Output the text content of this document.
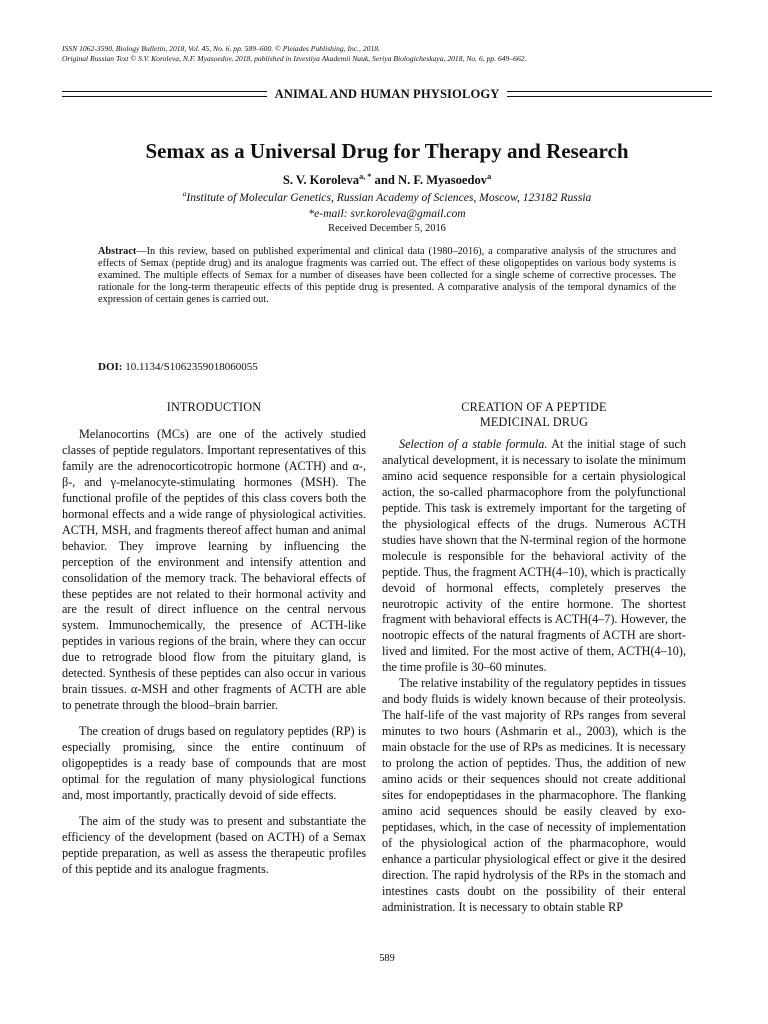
ISSN 1062-3590, Biology Bulletin, 2018, Vol. 45, No. 6, pp. 589–600. © Pleiades Publishing, Inc., 2018.
Original Russian Text © S.V. Koroleva, N.F. Myasoedov, 2018, published in Izvestiya Akademii Nauk, Seriya Biologicheskaya, 2018, No. 6, pp. 649–662.
ANIMAL AND HUMAN PHYSIOLOGY
Semax as a Universal Drug for Therapy and Research
S. V. Koroleva$^{a, *}$ and N. F. Myasoedov$^a$
$^a$Institute of Molecular Genetics, Russian Academy of Sciences, Moscow, 123182 Russia
*e-mail: svr.koroleva@gmail.com
Received December 5, 2016

Abstract—In this review, based on published experimental and clinical data (1980–2016), a comparative analysis of the structures and effects of Semax (peptide drug) and its analogue fragments was carried out. The effect of these oligopeptides on various body systems is examined. The multiple effects of Semax for a number of diseases have been collected for a single scheme of corrective processes. The rationale for the long-term therapeutic effects of this peptide drug is presented. A comparative analysis of the temporal dynamics of the expression of certain genes is carried out.

DOI: 10.1134/S1062359018060055
INTRODUCTION

Melanocortins (MCs) are one of the actively studied classes of peptide regulators. Important representatives of this family are the adrenocorticotropic hormone (ACTH) and α-, β-, and γ-melanocyte-stimulating hormones (MSH). The functional profile of the peptides of this class covers both the hormonal effects and a wide range of physiological activities. ACTH, MSH, and fragments thereof affect human and animal behavior. They improve learning by influencing the perception of the environment and intensify attention and consolidation of the memory track. The behavioral effects of these peptides are not related to their hormonal activity and are the result of direct influence on the central nervous system. Immunochemically, the presence of ACTH-like peptides in various regions of the brain, where they can occur due to retrograde blood flow from the pituitary gland, is detected. Synthesis of these peptides can also occur in various brain tissues. α-MSH and other fragments of ACTH are able to penetrate through the blood–brain barrier.

The creation of drugs based on regulatory peptides (RP) is especially promising, since the entire continuum of oligopeptides is a ready base of compounds that are most optimal for the regulation of many physiological functions and, most importantly, practically devoid of side effects.

The aim of the study was to present and substantiate the efficiency of the development (based on ACTH) of a Semax peptide preparation, as well as assess the therapeutic profiles of this peptide and its analogue fragments.

CREATION OF A PEPTIDE
MEDICINAL DRUG

Selection of a stable formula. At the initial stage of such analytical development, it is necessary to isolate the minimum amino acid sequence responsible for a certain physiological action, the so-called pharmacophore from the polyfunctional peptide. This task is extremely important for the targeting of the physiological effects of the drugs. Numerous ACTH studies have shown that the N-terminal region of the hormone molecule is responsible for the behavioral activity of the peptide. Thus, the fragment ACTH(4–10), which is practically devoid of hormonal effects, completely preserves the neurotropic activity of the entire hormone. The shortest fragment with behavioral effects is ACTH(4–7). However, the nootropic effects of the natural fragments of ACTH are short-lived and limited. For the most active of them, ACTH(4–10), the time profile is 30–60 minutes.

The relative instability of the regulatory peptides in tissues and body fluids is widely known because of their proteolysis. The half-life of the vast majority of RPs ranges from several minutes to two hours (Ashmarin et al., 2003), which is the main obstacle for the use of RPs as medicines. It is necessary to prolong the action of peptides. Thus, the addition of new amino acids or their sequences should not create additional sites for endopeptidases in the pharmacophore. The flanking amino acid sequences should be easily cleaved by exo-peptidases, which, in the case of necessity of implementation of the physiological action of the pharmacophore, would enhance a particular physiological effect or give it the desired direction. The rapid hydrolysis of the RPs in the stomach and intestines casts doubt on the possibility of their enteral administration. It is necessary to obtain stable RP

589
